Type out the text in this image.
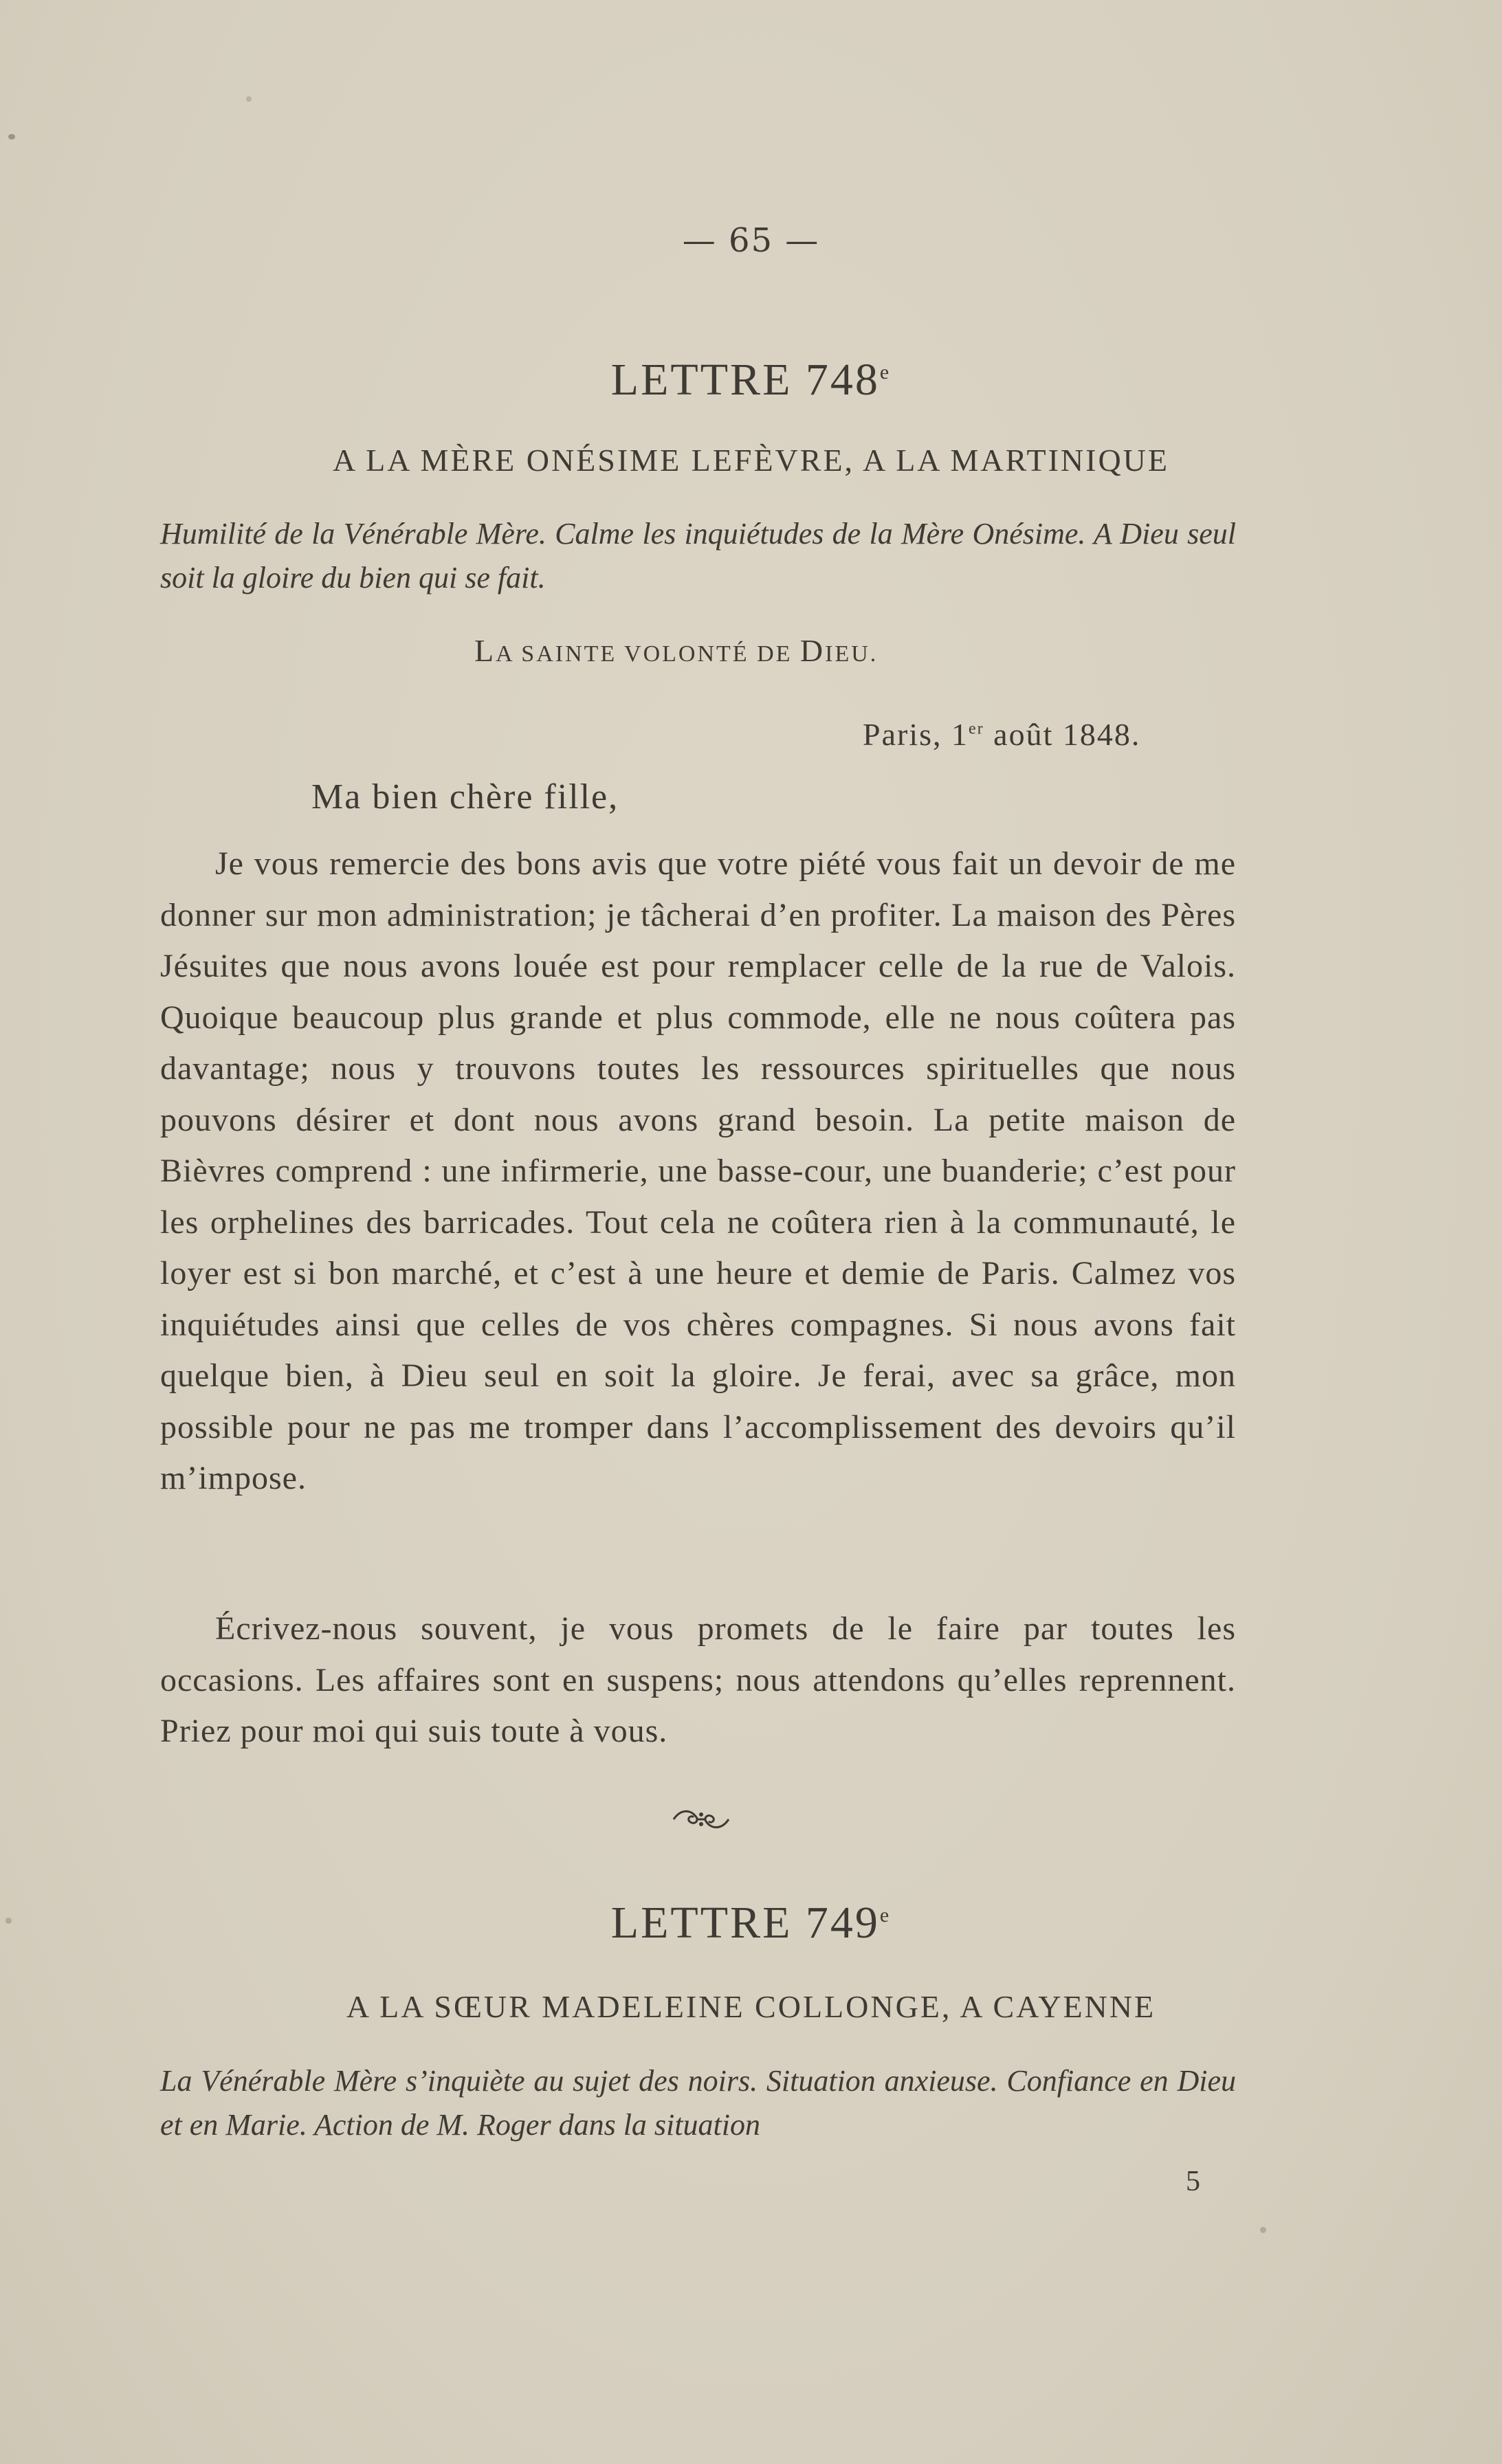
— 65 —
LETTRE 748e
A LA MÈRE ONÉSIME LEFÈVRE, A LA MARTINIQUE
Humilité de la Vénérable Mère. Calme les inquiétudes de la Mère Onésime. A Dieu seul soit la gloire du bien qui se fait.
LA SAINTE VOLONTÉ DE DIEU.
Paris, 1er août 1848.
Ma bien chère fille,
Je vous remercie des bons avis que votre piété vous fait un devoir de me donner sur mon administration; je tâcherai d’en profiter. La maison des Pères Jésuites que nous avons louée est pour remplacer celle de la rue de Valois. Quoique beaucoup plus grande et plus commode, elle ne nous coûtera pas davantage; nous y trouvons toutes les ressources spirituelles que nous pouvons désirer et dont nous avons grand besoin. La petite maison de Bièvres comprend : une infirmerie, une basse-cour, une buanderie; c’est pour les orphelines des barricades. Tout cela ne coûtera rien à la communauté, le loyer est si bon marché, et c’est à une heure et demie de Paris. Calmez vos inquiétudes ainsi que celles de vos chères compagnes. Si nous avons fait quelque bien, à Dieu seul en soit la gloire. Je ferai, avec sa grâce, mon possible pour ne pas me tromper dans l’accomplissement des devoirs qu’il m’impose.
Écrivez-nous souvent, je vous promets de le faire par toutes les occasions. Les affaires sont en suspens; nous attendons qu’elles reprennent. Priez pour moi qui suis toute à vous.
LETTRE 749e
A LA SŒUR MADELEINE COLLONGE, A CAYENNE
La Vénérable Mère s’inquiète au sujet des noirs. Situation anxieuse. Confiance en Dieu et en Marie. Action de M. Roger dans la situation
5
